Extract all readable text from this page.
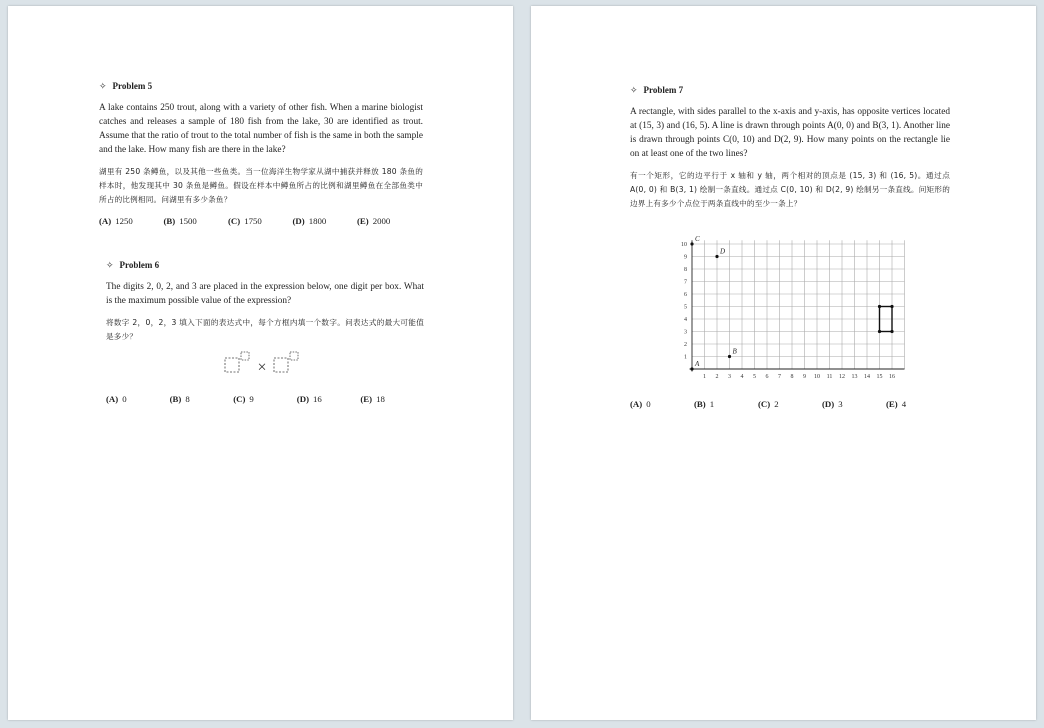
✧ Problem 5

A lake contains 250 trout, along with a variety of other fish. When a marine biologist catches and releases a sample of 180 fish from the lake, 30 are identified as trout. Assume that the ratio of trout to the total number of fish is the same in both the sample and the lake. How many fish are there in the lake?

湖里有 250 条鳟鱼，以及其他一些鱼类。当一位海洋生物学家从湖中捕获并释放 180 条鱼的样本时，他发现其中 30 条鱼是鳟鱼。假设在样本中鳟鱼所占的比例和湖里鳟鱼在全部鱼类中所占的比例相同。问湖里有多少条鱼？

(A) 1250	(B) 1500	(C) 1750	(D) 1800	(E) 2000
✧ Problem 6

The digits 2, 0, 2, and 3 are placed in the expression below, one digit per box. What is the maximum possible value of the expression?

将数字 2，0，2，3 填入下面的表达式中，每个方框内填一个数字。问表达式的最大可能值是多少？

×
(A) 0	(B) 8	(C) 9	(D) 16	(E) 18
✧ Problem 7

A rectangle, with sides parallel to the x-axis and y-axis, has opposite vertices located at (15, 3) and (16, 5). A line is drawn through points A(0, 0) and B(3, 1). Another line is drawn through points C(0, 10) and D(2, 9). How many points on the rectangle lie on at least one of the two lines?

有一个矩形，它的边平行于 x 轴和 y 轴，两个相对的顶点是 (15, 3) 和 (16, 5)。通过点 A(0, 0) 和 B(3, 1) 绘制一条直线。通过点 C(0, 10) 和 D(2, 9) 绘制另一条直线。问矩形的边界上有多少个点位于两条直线中的至少一条上？

1 2 3 4 5 6 7 8 9 10 11 12 13 14 15 16
1
2
3
4
5
6
7
8
9
10
A
B
C
D
(A) 0	(B) 1	(C) 2	(D) 3	(E) 4
